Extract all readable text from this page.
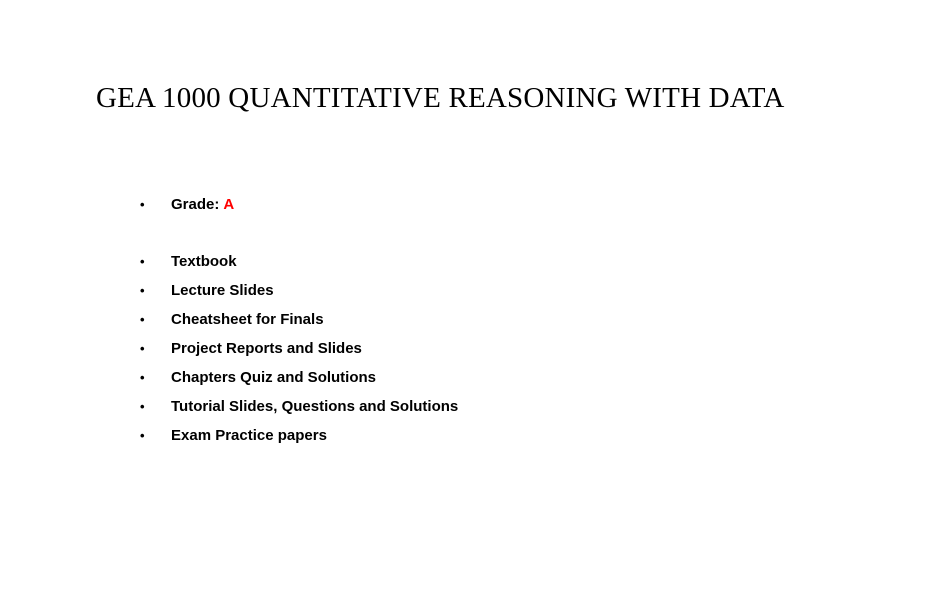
GEA 1000 QUANTITATIVE REASONING WITH DATA
•	Grade: A
•	Textbook
•	Lecture Slides
•	Cheatsheet for Finals
•	Project Reports and Slides
•	Chapters Quiz and Solutions
•	Tutorial Slides, Questions and Solutions
•	Exam Practice papers
